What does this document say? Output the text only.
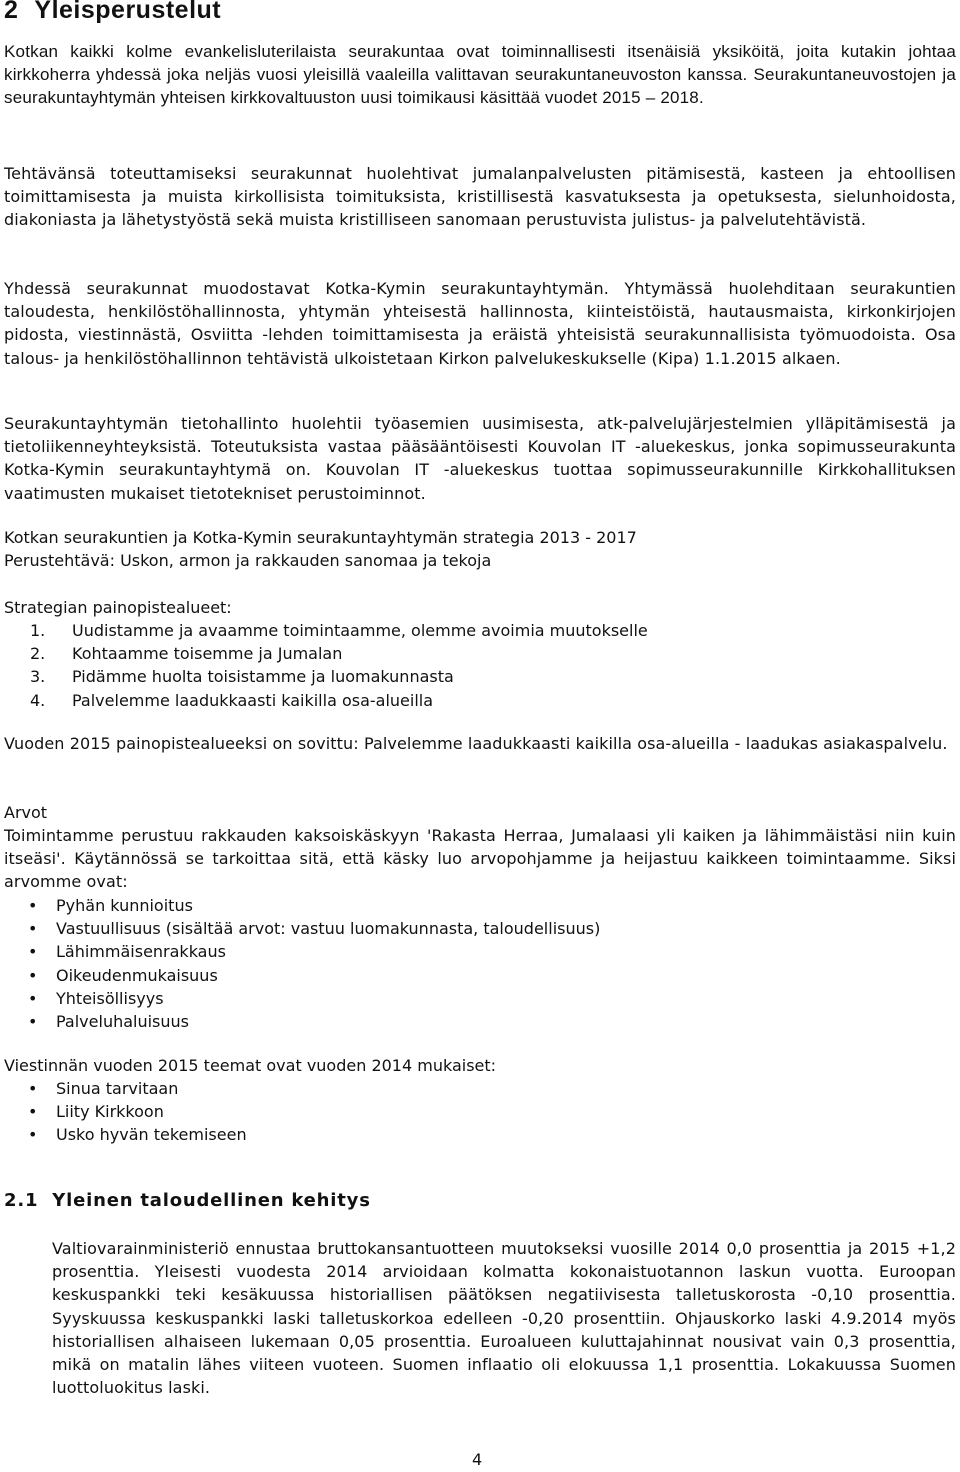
2 Yleisperustelut

Kotkan kaikki kolme evankelisluterilaista seurakuntaa ovat toiminnallisesti itsenäisiä yksiköitä, joita kutakin johtaa kirkkoherra yhdessä joka neljäs vuosi yleisillä vaaleilla valittavan seurakuntaneuvoston kanssa. Seurakuntaneuvostojen ja seurakuntayhtymän yhteisen kirkkovaltuuston uusi toimikausi käsittää vuodet 2015 – 2018.

Tehtävänsä toteuttamiseksi seurakunnat huolehtivat jumalanpalvelusten pitämisestä, kasteen ja ehtoollisen toimittamisesta ja muista kirkollisista toimituksista, kristillisestä kasvatuksesta ja opetuksesta, sielunhoidosta, diakoniasta ja lähetystyöstä sekä muista kristilliseen sanomaan perustuvista julistus- ja palvelutehtävistä.

Yhdessä seurakunnat muodostavat Kotka-Kymin seurakuntayhtymän. Yhtymässä huolehditaan seurakuntien taloudesta, henkilöstöhallinnosta, yhtymän yhteisestä hallinnosta, kiinteistöistä, hautausmaista, kirkonkirjojen pidosta, viestinnästä, Osviitta -lehden toimittamisesta ja eräistä yhteisistä seurakunnallisista työmuodoista. Osa talous- ja henkilöstöhallinnon tehtävistä ulkoistetaan Kirkon palvelukeskukselle (Kipa) 1.1.2015 alkaen.

Seurakuntayhtymän tietohallinto huolehtii työasemien uusimisesta, atk-palvelujärjestelmien ylläpitämisestä ja tietoliikenneyhteyksistä. Toteutuksista vastaa pääsääntöisesti Kouvolan IT -aluekeskus, jonka sopimusseurakunta Kotka-Kymin seurakuntayhtymä on. Kouvolan IT -aluekeskus tuottaa sopimusseurakunnille Kirkkohallituksen vaatimusten mukaiset tietotekniset perustoiminnot.

Kotkan seurakuntien ja Kotka-Kymin seurakuntayhtymän strategia 2013 - 2017
Perustehtävä: Uskon, armon ja rakkauden sanomaa ja tekoja
Strategian painopistealueet:
1. Uudistamme ja avaamme toimintaamme, olemme avoimia muutokselle
2. Kohtaamme toisemme ja Jumalan
3. Pidämme huolta toisistamme ja luomakunnasta
4. Palvelemme laadukkaasti kaikilla osa-alueilla

Vuoden 2015 painopistealueeksi on sovittu: Palvelemme laadukkaasti kaikilla osa-alueilla - laadukas asiakaspalvelu.

Arvot

Toimintamme perustuu rakkauden kaksoiskäskyyn 'Rakasta Herraa, Jumalaasi yli kaiken ja lähimmäistäsi niin kuin itseäsi'. Käytännössä se tarkoittaa sitä, että käsky luo arvopohjamme ja heijastuu kaikkeen toimintaamme. Siksi arvomme ovat:

• Pyhän kunnioitus
• Vastuullisuus (sisältää arvot: vastuu luomakunnasta, taloudellisuus)
• Lähimmäisenrakkaus
• Oikeudenmukaisuus
• Yhteisöllisyys
• Palveluhaluisuus
Viestinnän vuoden 2015 teemat ovat vuoden 2014 mukaiset:
• Sinua tarvitaan
• Liity Kirkkoon
• Usko hyvän tekemiseen
2.1 Yleinen taloudellinen kehitys

Valtiovarainministeriö ennustaa bruttokansantuotteen muutokseksi vuosille 2014 0,0 prosenttia ja 2015 +1,2 prosenttia. Yleisesti vuodesta 2014 arvioidaan kolmatta kokonaistuotannon laskun vuotta. Euroopan keskuspankki teki kesäkuussa historiallisen päätöksen negatiivisesta talletuskorosta -0,10 prosenttia. Syyskuussa keskuspankki laski talletuskorkoa edelleen -0,20 prosenttiin. Ohjauskorko laski 4.9.2014 myös historiallisen alhaiseen lukemaan 0,05 prosenttia. Euroalueen kuluttajahinnat nousivat vain 0,3 prosenttia, mikä on matalin lähes viiteen vuoteen. Suomen inflaatio oli elokuussa 1,1 prosenttia. Lokakuussa Suomen luottoluokitus laski.

4
